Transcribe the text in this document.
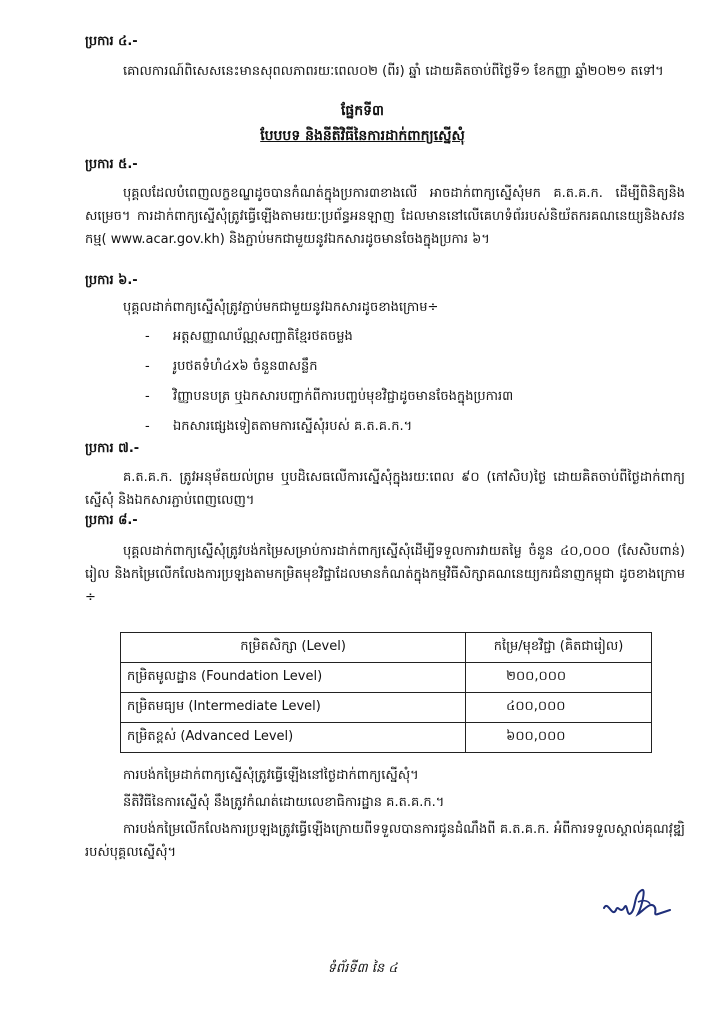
ប្រការ ៤.-
គោលការណ៍ពិសេសនេះមានសុពលភាពរយៈពេល០២ (ពីរ) ឆ្នាំ ដោយគិតចាប់ពីថ្ងៃទី១ ខែកញ្ញា ឆ្នាំ២០២១ តទៅ។
ផ្នែកទី៣
បែបបទ និងនីតិវិធីនៃការដាក់ពាក្យស្នើសុំ
ប្រការ ៥.-
បុគ្គលដែលបំពេញលក្ខខណ្ឌដូចបានកំណត់ក្នុងប្រការ៣ខាងលើ អាចដាក់ពាក្យស្នើសុំមក គ.ត.គ.ក. ដើម្បីពិនិត្យនិងសម្រេច។ ការដាក់ពាក្យស្នើសុំត្រូវធ្វើឡើងតាមរយៈប្រព័ន្ធអនឡាញ ដែលមាននៅលើគេហទំព័ររបស់និយ័តករគណនេយ្យនិងសវនកម្ម( www.acar.gov.kh) និងភ្ជាប់មកជាមួយនូវឯកសារដូចមានចែងក្នុងប្រការ ៦។
ប្រការ ៦.-
បុគ្គលដាក់ពាក្យស្នើសុំត្រូវភ្ជាប់មកជាមួយនូវឯកសារដូចខាងក្រោម÷
- អត្តសញ្ញាណប័ណ្ណសញ្ជាតិខ្មែរថតចម្លង
- រូបថតទំហំ៤x៦ ចំនួន៣សន្លឹក
- វិញ្ញាបនបត្រ ឬឯកសារបញ្ជាក់ពីការបញ្ចប់មុខវិជ្ជាដូចមានចែងក្នុងប្រការ៣
- ឯកសារផ្សេងទៀតតាមការស្នើសុំរបស់ គ.ត.គ.ក.។
ប្រការ ៧.-
គ.ត.គ.ក. ត្រូវអនុម័តយល់ព្រម ឬបដិសេធលើការស្នើសុំក្នុងរយៈពេល ៩០ (កៅសិប)ថ្ងៃ ដោយគិតចាប់ពីថ្ងៃដាក់ពាក្យស្នើសុំ និងឯកសារភ្ជាប់ពេញលេញ។
ប្រការ ៨.-
បុគ្គលដាក់ពាក្យស្នើសុំត្រូវបង់កម្រៃសម្រាប់ការដាក់ពាក្យស្នើសុំដើម្បីទទួលការវាយតម្លៃ ចំនួន ៤០,០០០ (សែសិបពាន់) រៀល និងកម្រៃលើកលែងការប្រឡងតាមកម្រិតមុខវិជ្ជាដែលមានកំណត់ក្នុងកម្មវិធីសិក្សាគណនេយ្យករជំនាញកម្ពុជា ដូចខាងក្រោម ÷
កម្រិតសិក្សា (Level)	កម្រៃ/មុខវិជ្ជា (គិតជារៀល)
កម្រិតមូលដ្ឋាន (Foundation Level)	២០០,០០០
កម្រិតមធ្យម (Intermediate Level)	៤០០,០០០
កម្រិតខ្ពស់ (Advanced Level)	៦០០,០០០
ការបង់កម្រៃដាក់ពាក្យស្នើសុំត្រូវធ្វើឡើងនៅថ្ងៃដាក់ពាក្យស្នើសុំ។
នីតិវិធីនៃការស្នើសុំ នឹងត្រូវកំណត់ដោយលេខាធិការដ្ឋាន គ.ត.គ.ក.។
ការបង់កម្រៃលើកលែងការប្រឡងត្រូវធ្វើឡើងក្រោយពីទទួលបានការជូនដំណឹងពី គ.ត.គ.ក. អំពីការទទួលស្គាល់គុណវុឌ្ឍិរបស់បុគ្គលស្នើសុំ។
ទំព័រទី៣ នៃ ៤
